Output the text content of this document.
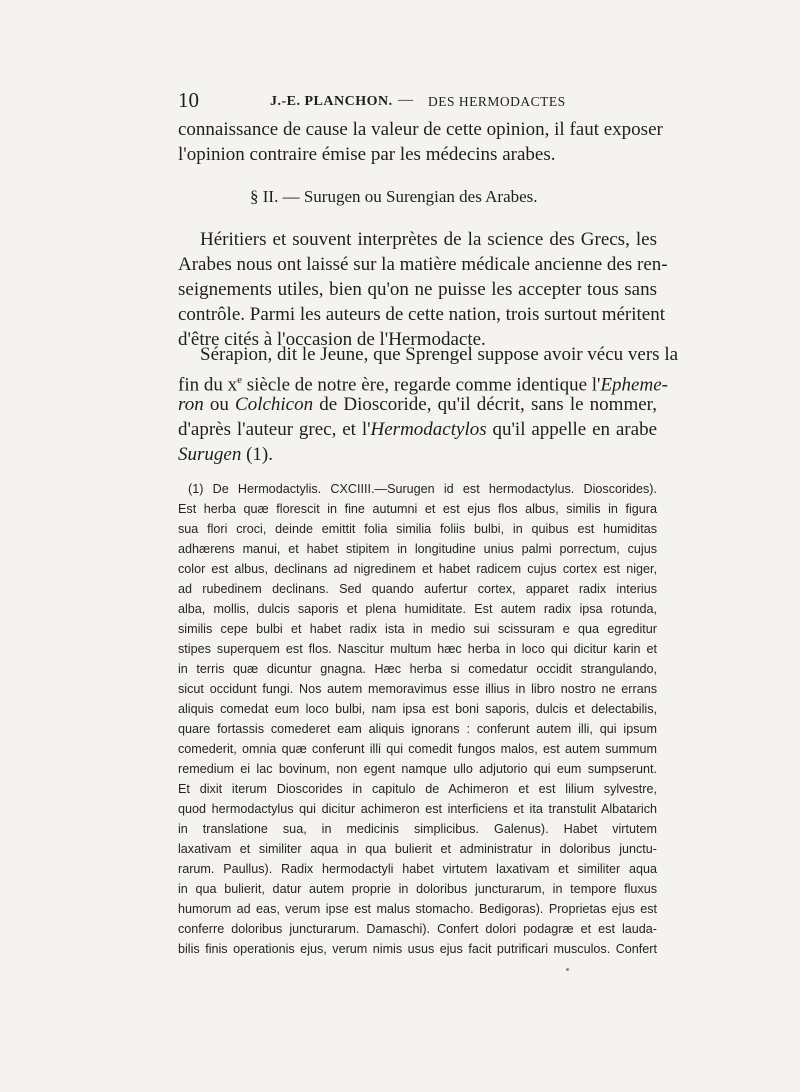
10	J.-E. PLANCHON. — DES HERMODACTES
connaissance de cause la valeur de cette opinion, il faut exposer
l'opinion contraire émise par les médecins arabes.
§ II. — Surugen ou Surengian des Arabes.
Héritiers et souvent interprètes de la science des Grecs, les
Arabes nous ont laissé sur la matière médicale ancienne des ren-
seignements utiles, bien qu'on ne puisse les accepter tous sans
contrôle. Parmi les auteurs de cette nation, trois surtout méritent
d'être cités à l'occasion de l'Hermodacte.
Sérapion, dit le Jeune, que Sprengel suppose avoir vécu vers la
fin du $x^e$ siècle de notre ère, regarde comme identique l'Epheme-
ron ou Colchicon de Dioscoride, qu'il décrit, sans le nommer,
d'après l'auteur grec, et l'Hermodactylos qu'il appelle en arabe
Surugen (1).
(1) De Hermodactylis. CXCIIII.—Surugen id est hermodactylus. Dioscorides).
Est herba quæ florescit in fine autumni et est ejus flos albus, similis in figura
sua flori croci, deinde emittit folia similia foliis bulbi, in quibus est humiditas
adhærens manui, et habet stipitem in longitudine unius palmi porrectum, cujus
color est albus, declinans ad nigredinem et habet radicem cujus cortex est niger,
ad rubedinem declinans. Sed quando aufertur cortex, apparet radix interius
alba, mollis, dulcis saporis et plena humiditate. Est autem radix ipsa rotunda,
similis cepe bulbi et habet radix ista in medio sui scissuram e qua egreditur
stipes superquem est flos. Nascitur multum hæc herba in loco qui dicitur karin et
in terris quæ dicuntur gnagna. Hæc herba si comedatur occidit strangulando,
sicut occidunt fungi. Nos autem memoravimus esse illius in libro nostro ne errans
aliquis comedat eum loco bulbi, nam ipsa est boni saporis, dulcis et delectabilis,
quare fortassis comederet eam aliquis ignorans : conferunt autem illi, qui ipsum
comederit, omnia quæ conferunt illi qui comedit fungos malos, est autem summum
remedium ei lac bovinum, non egent namque ullo adjutorio qui eum sumpserunt.
Et dixit iterum Dioscorides in capitulo de Achimeron et est lilium sylvestre,
quod hermodactylus qui dicitur achimeron est interficiens et ita transtulit Albatarich
in translatione sua, in medicinis simplicibus. Galenus). Habet virtutem
laxativam et similiter aqua in qua bulierit et administratur in doloribus junctu-
rarum. Paullus). Radix hermodactyli habet virtutem laxativam et similiter aqua
in qua bulierit, datur autem proprie in doloribus juncturarum, in tempore fluxus
humorum ad eas, verum ipse est malus stomacho. Bedigoras). Proprietas ejus est
conferre doloribus juncturarum. Damaschi). Confert dolori podagræ et est lauda-
bilis finis operationis ejus, verum nimis usus ejus facit putrificari musculos. Confert
